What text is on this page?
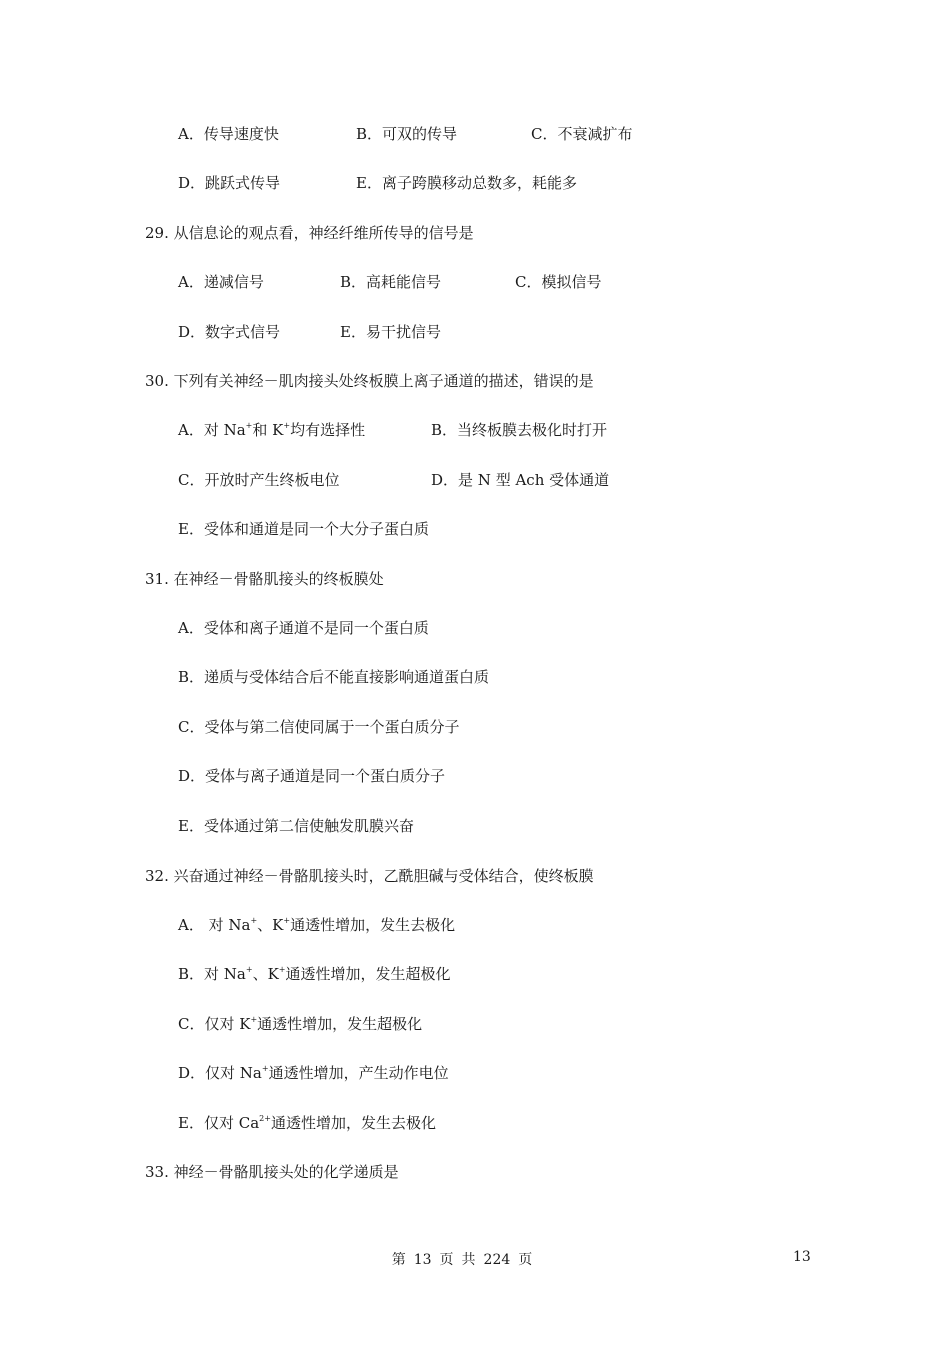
A．传导速度快	B．可双的传导	C．不衰减扩布
D．跳跃式传导	E．离子跨膜移动总数多，耗能多
29. 从信息论的观点看，神经纤维所传导的信号是
A．递减信号	B．高耗能信号	C．模拟信号
D．数字式信号	E．易干扰信号
30. 下列有关神经－肌肉接头处终板膜上离子通道的描述，错误的是
A．对 Na+和 K+均有选择性	B．当终板膜去极化时打开
C．开放时产生终板电位	D．是 N 型 Ach 受体通道
E．受体和通道是同一个大分子蛋白质
31. 在神经－骨骼肌接头的终板膜处
A．受体和离子通道不是同一个蛋白质
B．递质与受体结合后不能直接影响通道蛋白质
C．受体与第二信使同属于一个蛋白质分子
D．受体与离子通道是同一个蛋白质分子
E．受体通过第二信使触发肌膜兴奋
32. 兴奋通过神经－骨骼肌接头时，乙酰胆碱与受体结合，使终板膜
A． 对 Na+、K+通透性增加，发生去极化
B．对 Na+、K+通透性增加，发生超极化
C．仅对 K+通透性增加，发生超极化
D．仅对 Na+通透性增加，产生动作电位
E．仅对 $Ca^{2+}$通透性增加，发生去极化
33. 神经－骨骼肌接头处的化学递质是
第 13 页 共 224 页	13
